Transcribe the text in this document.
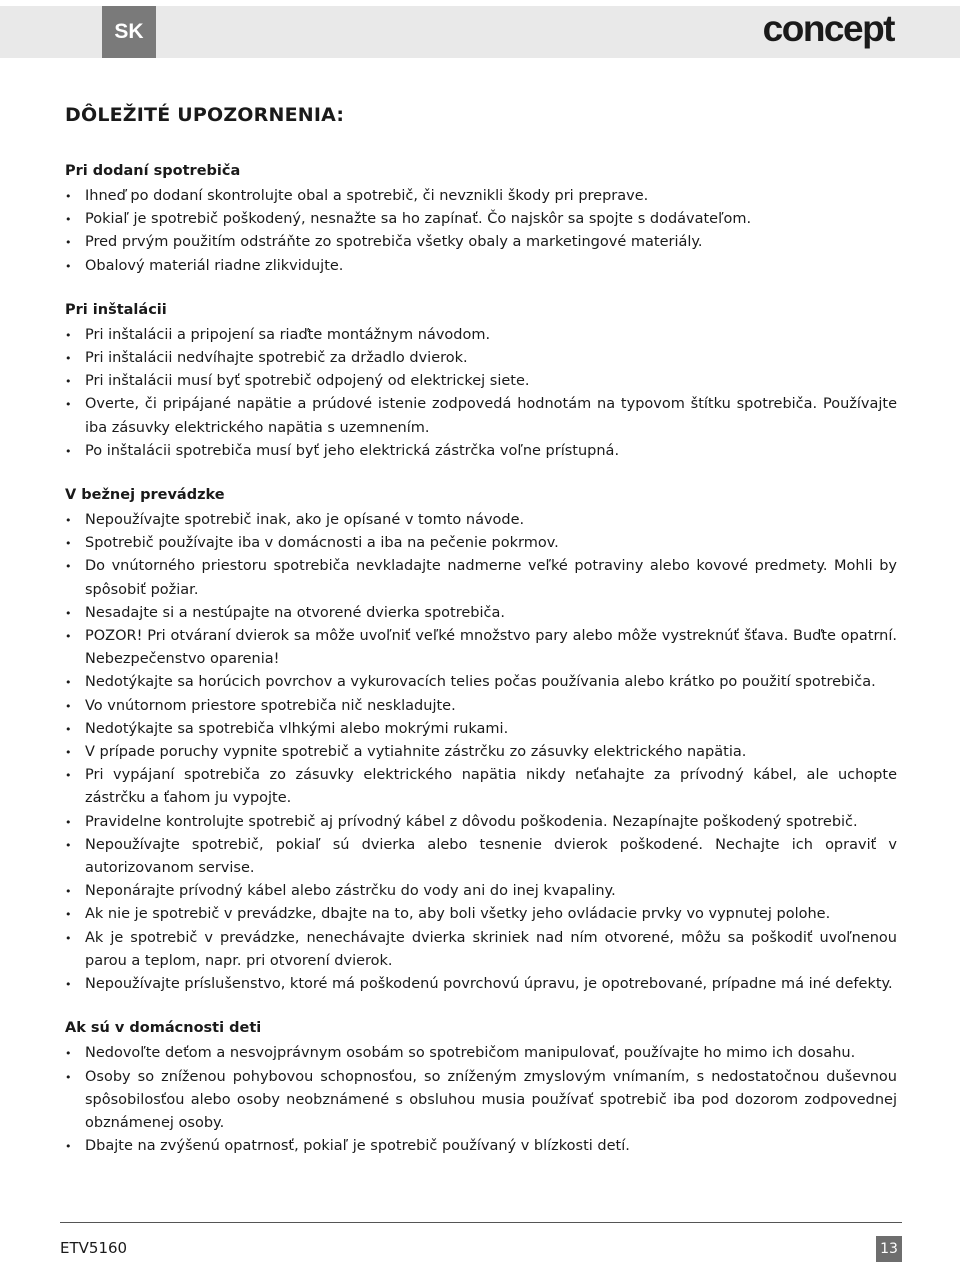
SK	concept
DÔLEŽITÉ UPOZORNENIA:
Pri dodaní spotrebiča
• Ihneď po dodaní skontrolujte obal a spotrebič, či nevznikli škody pri preprave.
• Pokiaľ je spotrebič poškodený, nesnažte sa ho zapínať. Čo najskôr sa spojte s dodávateľom.
• Pred prvým použitím odstráňte zo spotrebiča všetky obaly a marketingové materiály.
• Obalový materiál riadne zlikvidujte.
Pri inštalácii
• Pri inštalácii a pripojení sa riaďte montážnym návodom.
• Pri inštalácii nedvíhajte spotrebič za držadlo dvierok.
• Pri inštalácii musí byť spotrebič odpojený od elektrickej siete.
• Overte, či pripájané napätie a prúdové istenie zodpovedá hodnotám na typovom štítku spotrebiča. Používajte iba zásuvky elektrického napätia s uzemnením.
• Po inštalácii spotrebiča musí byť jeho elektrická zástrčka voľne prístupná.
V bežnej prevádzke
• Nepoužívajte spotrebič inak, ako je opísané v tomto návode.
• Spotrebič používajte iba v domácnosti a iba na pečenie pokrmov.
• Do vnútorného priestoru spotrebiča nevkladajte nadmerne veľké potraviny alebo kovové predmety. Mohli by spôsobiť požiar.
• Nesadajte si a nestúpajte na otvorené dvierka spotrebiča.
• POZOR! Pri otváraní dvierok sa môže uvoľniť veľké množstvo pary alebo môže vystreknúť šťava. Buďte opatrní. Nebezpečenstvo oparenia!
• Nedotýkajte sa horúcich povrchov a vykurovacích telies počas používania alebo krátko po použití spotrebiča.
• Vo vnútornom priestore spotrebiča nič neskladujte.
• Nedotýkajte sa spotrebiča vlhkými alebo mokrými rukami.
• V prípade poruchy vypnite spotrebič a vytiahnite zástrčku zo zásuvky elektrického napätia.
• Pri vypájaní spotrebiča zo zásuvky elektrického napätia nikdy neťahajte za prívodný kábel, ale uchopte zástrčku a ťahom ju vypojte.
• Pravidelne kontrolujte spotrebič aj prívodný kábel z dôvodu poškodenia. Nezapínajte poškodený spotrebič.
• Nepoužívajte spotrebič, pokiaľ sú dvierka alebo tesnenie dvierok poškodené. Nechajte ich opraviť v autorizovanom servise.
• Neponárajte prívodný kábel alebo zástrčku do vody ani do inej kvapaliny.
• Ak nie je spotrebič v prevádzke, dbajte na to, aby boli všetky jeho ovládacie prvky vo vypnutej polohe.
• Ak je spotrebič v prevádzke, nenechávajte dvierka skriniek nad ním otvorené, môžu sa poškodiť uvoľnenou parou a teplom, napr. pri otvorení dvierok.
• Nepoužívajte príslušenstvo, ktoré má poškodenú povrchovú úpravu, je opotrebované, prípadne má iné defekty.
Ak sú v domácnosti deti
• Nedovoľte deťom a nesvojprávnym osobám so spotrebičom manipulovať, používajte ho mimo ich dosahu.
• Osoby so zníženou pohybovou schopnosťou, so zníženým zmyslovým vnímaním, s nedostatočnou duševnou spôsobilosťou alebo osoby neobznámené s obsluhou musia používať spotrebič iba pod dozorom zodpovednej obznámenej osoby.
• Dbajte na zvýšenú opatrnosť, pokiaľ je spotrebič používaný v blízkosti detí.
ETV5160	13
